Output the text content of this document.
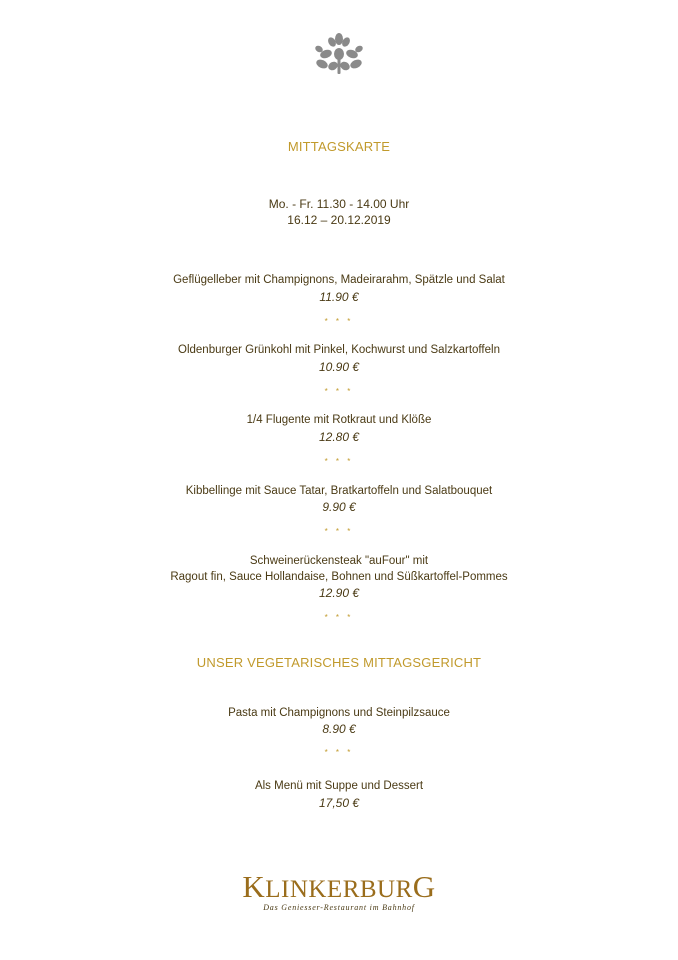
MITTAGSKARTE
Mo. - Fr. 11.30 - 14.00 Uhr
16.12 – 20.12.2019
Geflügelleber mit Champignons, Madeirarahm, Spätzle und Salat
11.90 €
* * *
Oldenburger Grünkohl mit Pinkel, Kochwurst und Salzkartoffeln
10.90 €
* * *
1/4 Flugente mit Rotkraut und Klöße
12.80 €
* * *
Kibbellinge mit Sauce Tatar, Bratkartoffeln und Salatbouquet
9.90 €
* * *
Schweinerückensteak "auFour" mit
Ragout fin, Sauce Hollandaise, Bohnen und Süßkartoffel-Pommes
12.90 €
* * *
UNSER VEGETARISCHES MITTAGSGERICHT
Pasta mit Champignons und Steinpilzsauce
8.90 €
* * *
Als Menü mit Suppe und Dessert
17,50 €
KLINKERBURG
Das Geniesser-Restaurant im Bahnhof
